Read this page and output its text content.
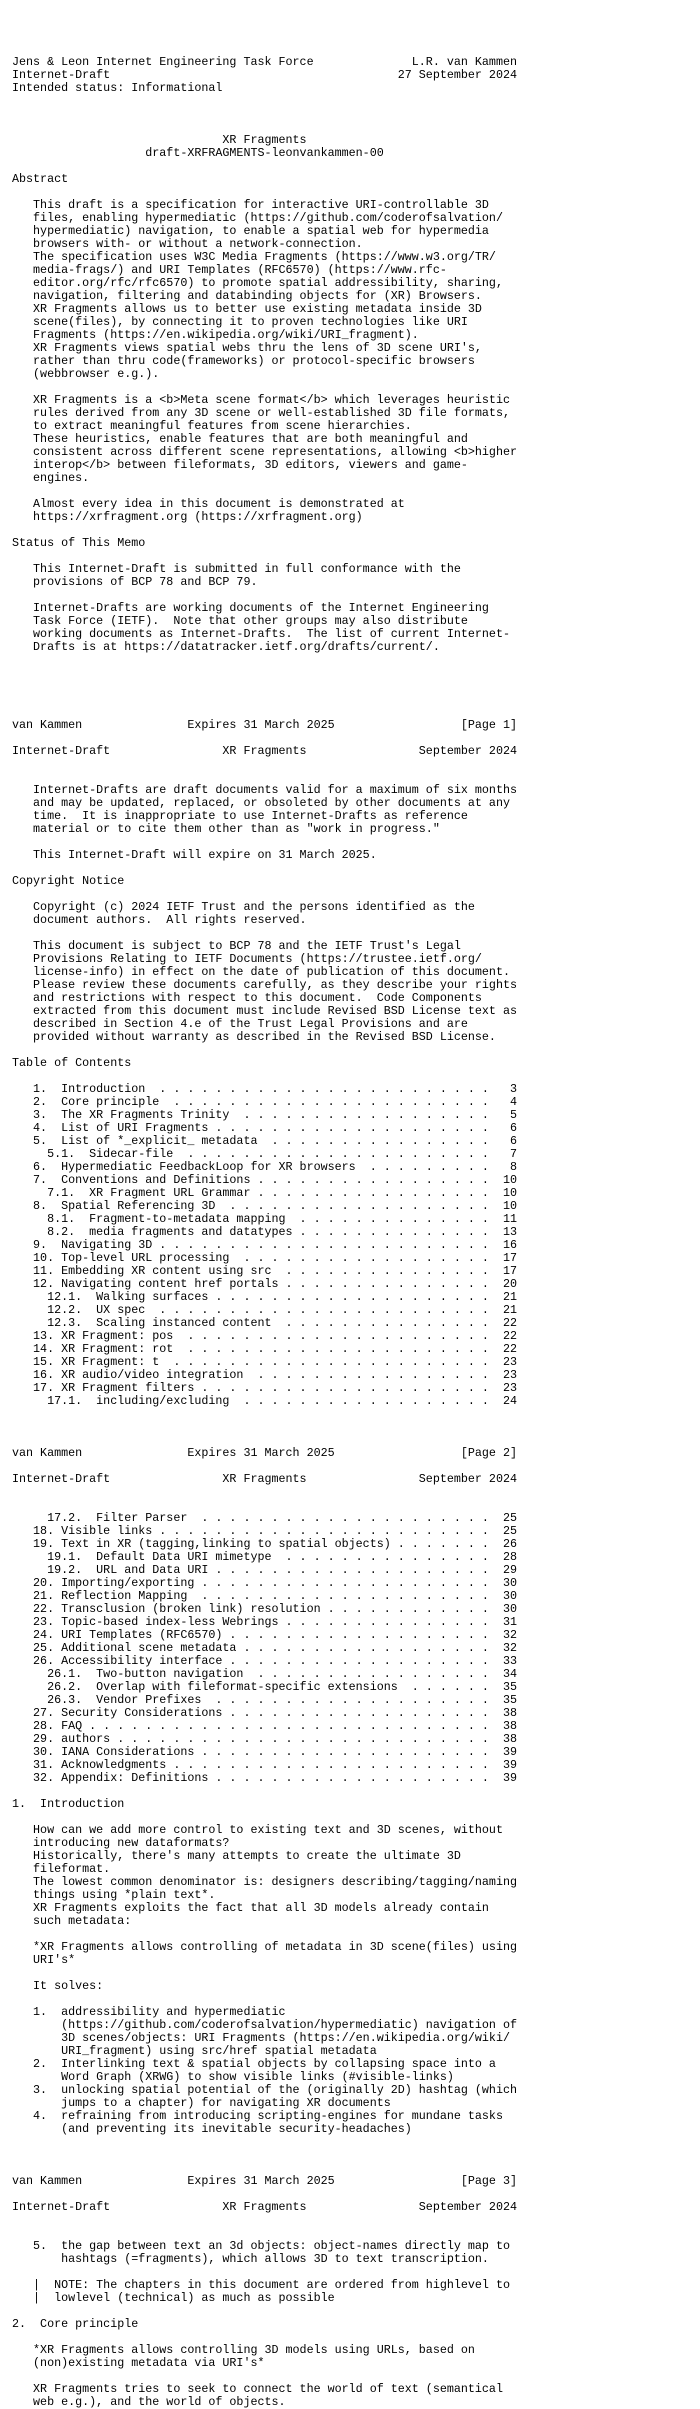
Jens & Leon Internet Engineering Task Force              L.R. van Kammen
Internet-Draft                                         27 September 2024
Intended status: Informational

XR Fragments
draft-XRFRAGMENTS-leonvankammen-00

Abstract

This draft is a specification for interactive URI-controllable 3D
files, enabling hypermediatic (https://github.com/coderofsalvation/
hypermediatic) navigation, to enable a spatial web for hypermedia
browsers with- or without a network-connection.
The specification uses W3C Media Fragments (https://www.w3.org/TR/
media-frags/) and URI Templates (RFC6570) (https://www.rfc-
editor.org/rfc/rfc6570) to promote spatial addressibility, sharing,
navigation, filtering and databinding objects for (XR) Browsers.
XR Fragments allows us to better use existing metadata inside 3D
scene(files), by connecting it to proven technologies like URI
Fragments (https://en.wikipedia.org/wiki/URI_fragment).
XR Fragments views spatial webs thru the lens of 3D scene URI's,
rather than thru code(frameworks) or protocol-specific browsers
(webbrowser e.g.).

XR Fragments is a <b>Meta scene format</b> which leverages heuristic
rules derived from any 3D scene or well-established 3D file formats,
to extract meaningful features from scene hierarchies.
These heuristics, enable features that are both meaningful and
consistent across different scene representations, allowing <b>higher
interop</b> between fileformats, 3D editors, viewers and game-
engines.

Almost every idea in this document is demonstrated at
https://xrfragment.org (https://xrfragment.org)

Status of This Memo

This Internet-Draft is submitted in full conformance with the
provisions of BCP 78 and BCP 79.

Internet-Drafts are working documents of the Internet Engineering
Task Force (IETF).  Note that other groups may also distribute
working documents as Internet-Drafts.  The list of current Internet-
Drafts is at https://datatracker.ietf.org/drafts/current/.

van Kammen               Expires 31 March 2025                  [Page 1]

Internet-Draft                XR Fragments                September 2024

Internet-Drafts are draft documents valid for a maximum of six months
and may be updated, replaced, or obsoleted by other documents at any
time.  It is inappropriate to use Internet-Drafts as reference
material or to cite them other than as "work in progress."

This Internet-Draft will expire on 31 March 2025.

Copyright Notice

Copyright (c) 2024 IETF Trust and the persons identified as the
document authors.  All rights reserved.

This document is subject to BCP 78 and the IETF Trust's Legal
Provisions Relating to IETF Documents (https://trustee.ietf.org/
license-info) in effect on the date of publication of this document.
Please review these documents carefully, as they describe your rights
and restrictions with respect to this document.  Code Components
extracted from this document must include Revised BSD License text as
described in Section 4.e of the Trust Legal Provisions and are
provided without warranty as described in the Revised BSD License.

Table of Contents

1.  Introduction  . . . . . . . . . . . . . . . . . . . . . . . .   3
2.  Core principle  . . . . . . . . . . . . . . . . . . . . . . .   4
3.  The XR Fragments Trinity  . . . . . . . . . . . . . . . . . .   5
4.  List of URI Fragments . . . . . . . . . . . . . . . . . . . .   6
5.  List of *_explicit_ metadata  . . . . . . . . . . . . . . . .   6
5.1.  Sidecar-file  . . . . . . . . . . . . . . . . . . . . . .   7
6.  Hypermediatic FeedbackLoop for XR browsers  . . . . . . . . .   8
7.  Conventions and Definitions . . . . . . . . . . . . . . . . .  10
7.1.  XR Fragment URL Grammar . . . . . . . . . . . . . . . . .  10
8.  Spatial Referencing 3D  . . . . . . . . . . . . . . . . . . .  10
8.1.  Fragment-to-metadata mapping  . . . . . . . . . . . . . .  11
8.2.  media fragments and datatypes . . . . . . . . . . . . . .  13
9.  Navigating 3D . . . . . . . . . . . . . . . . . . . . . . . .  16
10. Top-level URL processing  . . . . . . . . . . . . . . . . . .  17
11. Embedding XR content using src  . . . . . . . . . . . . . . .  17
12. Navigating content href portals . . . . . . . . . . . . . . .  20
12.1.  Walking surfaces . . . . . . . . . . . . . . . . . . . .  21
12.2.  UX spec  . . . . . . . . . . . . . . . . . . . . . . . .  21
12.3.  Scaling instanced content  . . . . . . . . . . . . . . .  22
13. XR Fragment: pos  . . . . . . . . . . . . . . . . . . . . . .  22
14. XR Fragment: rot  . . . . . . . . . . . . . . . . . . . . . .  22
15. XR Fragment: t  . . . . . . . . . . . . . . . . . . . . . . .  23
16. XR audio/video integration  . . . . . . . . . . . . . . . . .  23
17. XR Fragment filters . . . . . . . . . . . . . . . . . . . . .  23
17.1.  including/excluding  . . . . . . . . . . . . . . . . . .  24

van Kammen               Expires 31 March 2025                  [Page 2]

Internet-Draft                XR Fragments                September 2024

17.2.  Filter Parser  . . . . . . . . . . . . . . . . . . . . .  25
18. Visible links . . . . . . . . . . . . . . . . . . . . . . . .  25
19. Text in XR (tagging,linking to spatial objects) . . . . . . .  26
19.1.  Default Data URI mimetype  . . . . . . . . . . . . . . .  28
19.2.  URL and Data URI . . . . . . . . . . . . . . . . . . . .  29
20. Importing/exporting . . . . . . . . . . . . . . . . . . . . .  30
21. Reflection Mapping  . . . . . . . . . . . . . . . . . . . . .  30
22. Transclusion (broken link) resolution . . . . . . . . . . . .  30
23. Topic-based index-less Webrings . . . . . . . . . . . . . . .  31
24. URI Templates (RFC6570) . . . . . . . . . . . . . . . . . . .  32
25. Additional scene metadata . . . . . . . . . . . . . . . . . .  32
26. Accessibility interface . . . . . . . . . . . . . . . . . . .  33
26.1.  Two-button navigation  . . . . . . . . . . . . . . . . .  34
26.2.  Overlap with fileformat-specific extensions  . . . . . .  35
26.3.  Vendor Prefixes  . . . . . . . . . . . . . . . . . . . .  35
27. Security Considerations . . . . . . . . . . . . . . . . . . .  38
28. FAQ . . . . . . . . . . . . . . . . . . . . . . . . . . . . .  38
29. authors . . . . . . . . . . . . . . . . . . . . . . . . . . .  38
30. IANA Considerations . . . . . . . . . . . . . . . . . . . . .  39
31. Acknowledgments . . . . . . . . . . . . . . . . . . . . . . .  39
32. Appendix: Definitions . . . . . . . . . . . . . . . . . . . .  39

1.  Introduction

How can we add more control to existing text and 3D scenes, without
introducing new dataformats?
Historically, there's many attempts to create the ultimate 3D
fileformat.
The lowest common denominator is: designers describing/tagging/naming
things using *plain text*.
XR Fragments exploits the fact that all 3D models already contain
such metadata:

*XR Fragments allows controlling of metadata in 3D scene(files) using
URI's*

It solves:

1.  addressibility and hypermediatic
(https://github.com/coderofsalvation/hypermediatic) navigation of
3D scenes/objects: URI Fragments (https://en.wikipedia.org/wiki/
URI_fragment) using src/href spatial metadata
2.  Interlinking text & spatial objects by collapsing space into a
Word Graph (XRWG) to show visible links (#visible-links)
3.  unlocking spatial potential of the (originally 2D) hashtag (which
jumps to a chapter) for navigating XR documents
4.  refraining from introducing scripting-engines for mundane tasks
(and preventing its inevitable security-headaches)

van Kammen               Expires 31 March 2025                  [Page 3]

Internet-Draft                XR Fragments                September 2024

5.  the gap between text an 3d objects: object-names directly map to
hashtags (=fragments), which allows 3D to text transcription.

|  NOTE: The chapters in this document are ordered from highlevel to
|  lowlevel (technical) as much as possible

2.  Core principle

*XR Fragments allows controlling 3D models using URLs, based on
(non)existing metadata via URI's*

XR Fragments tries to seek to connect the world of text (semantical
web e.g.), and the world of objects.
